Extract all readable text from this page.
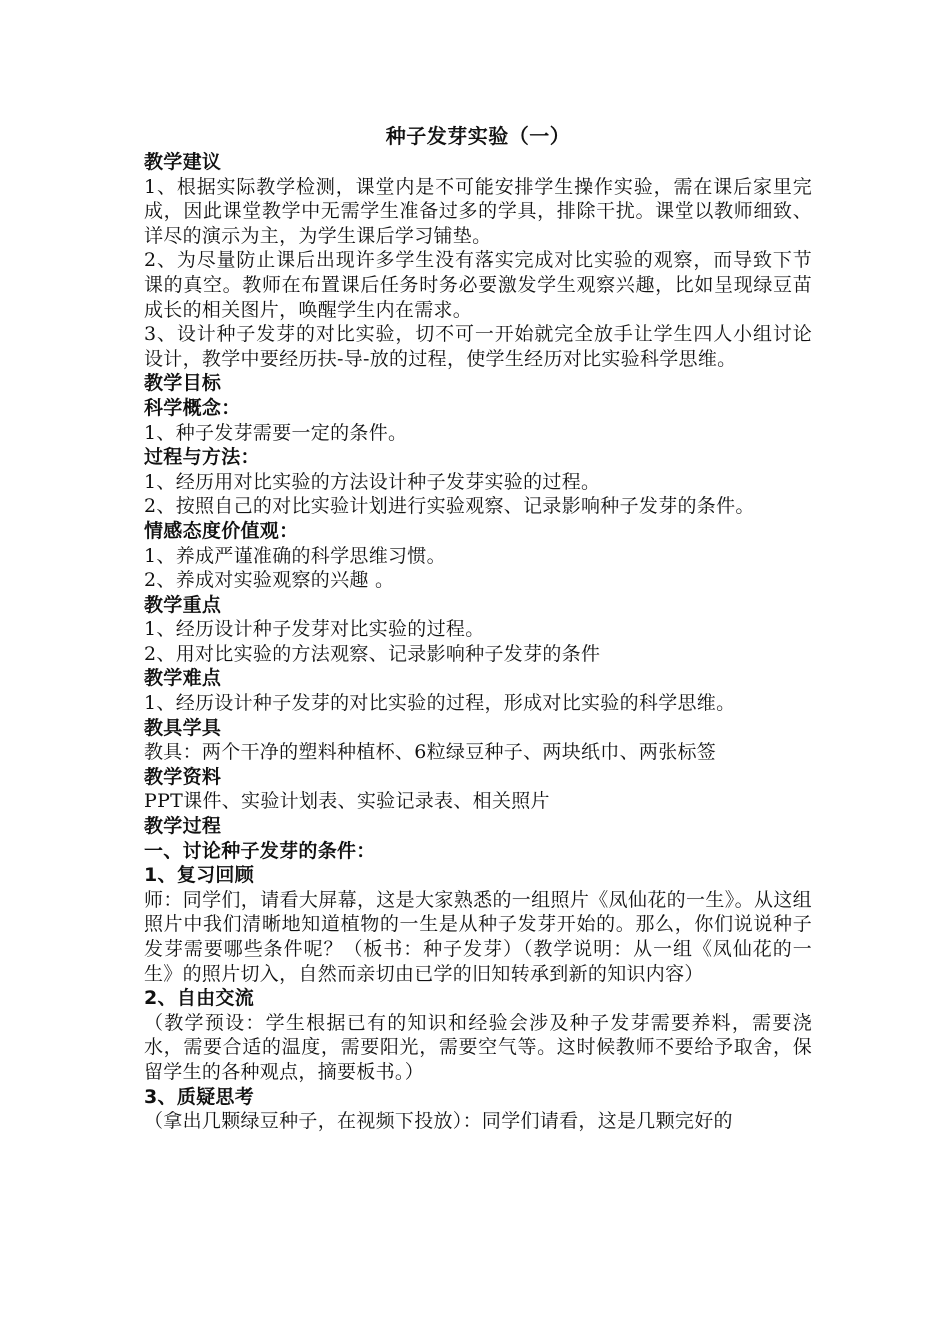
种子发芽实验（一）
教学建议
1、根据实际教学检测，课堂内是不可能安排学生操作实验，需在课后家里完成，因此课堂教学中无需学生准备过多的学具，排除干扰。课堂以教师细致、详尽的演示为主，为学生课后学习铺垫。
2、为尽量防止课后出现许多学生没有落实完成对比实验的观察，而导致下节课的真空。教师在布置课后任务时务必要激发学生观察兴趣，比如呈现绿豆苗成长的相关图片，唤醒学生内在需求。
3、设计种子发芽的对比实验，切不可一开始就完全放手让学生四人小组讨论设计，教学中要经历扶-导-放的过程，使学生经历对比实验科学思维。
教学目标
科学概念：
1、种子发芽需要一定的条件。
过程与方法：
1、经历用对比实验的方法设计种子发芽实验的过程。
2、按照自己的对比实验计划进行实验观察、记录影响种子发芽的条件。
情感态度价值观：
1、养成严谨准确的科学思维习惯。
2、养成对实验观察的兴趣 。
教学重点
1、经历设计种子发芽对比实验的过程。
2、用对比实验的方法观察、记录影响种子发芽的条件
教学难点
1、经历设计种子发芽的对比实验的过程，形成对比实验的科学思维。
教具学具
教具：两个干净的塑料种植杯、6粒绿豆种子、两块纸巾、两张标签
教学资料
PPT课件、实验计划表、实验记录表、相关照片
教学过程
一、讨论种子发芽的条件：
1、复习回顾
师：同学们，请看大屏幕，这是大家熟悉的一组照片《凤仙花的一生》。从这组照片中我们清晰地知道植物的一生是从种子发芽开始的。那么，你们说说种子发芽需要哪些条件呢？（板书：种子发芽）（教学说明：从一组《凤仙花的一生》的照片切入，自然而亲切由已学的旧知转承到新的知识内容）
2、自由交流
（教学预设：学生根据已有的知识和经验会涉及种子发芽需要养料，需要浇水，需要合适的温度，需要阳光，需要空气等。这时候教师不要给予取舍，保留学生的各种观点，摘要板书。）
3、质疑思考
（拿出几颗绿豆种子，在视频下投放）：同学们请看，这是几颗完好的
